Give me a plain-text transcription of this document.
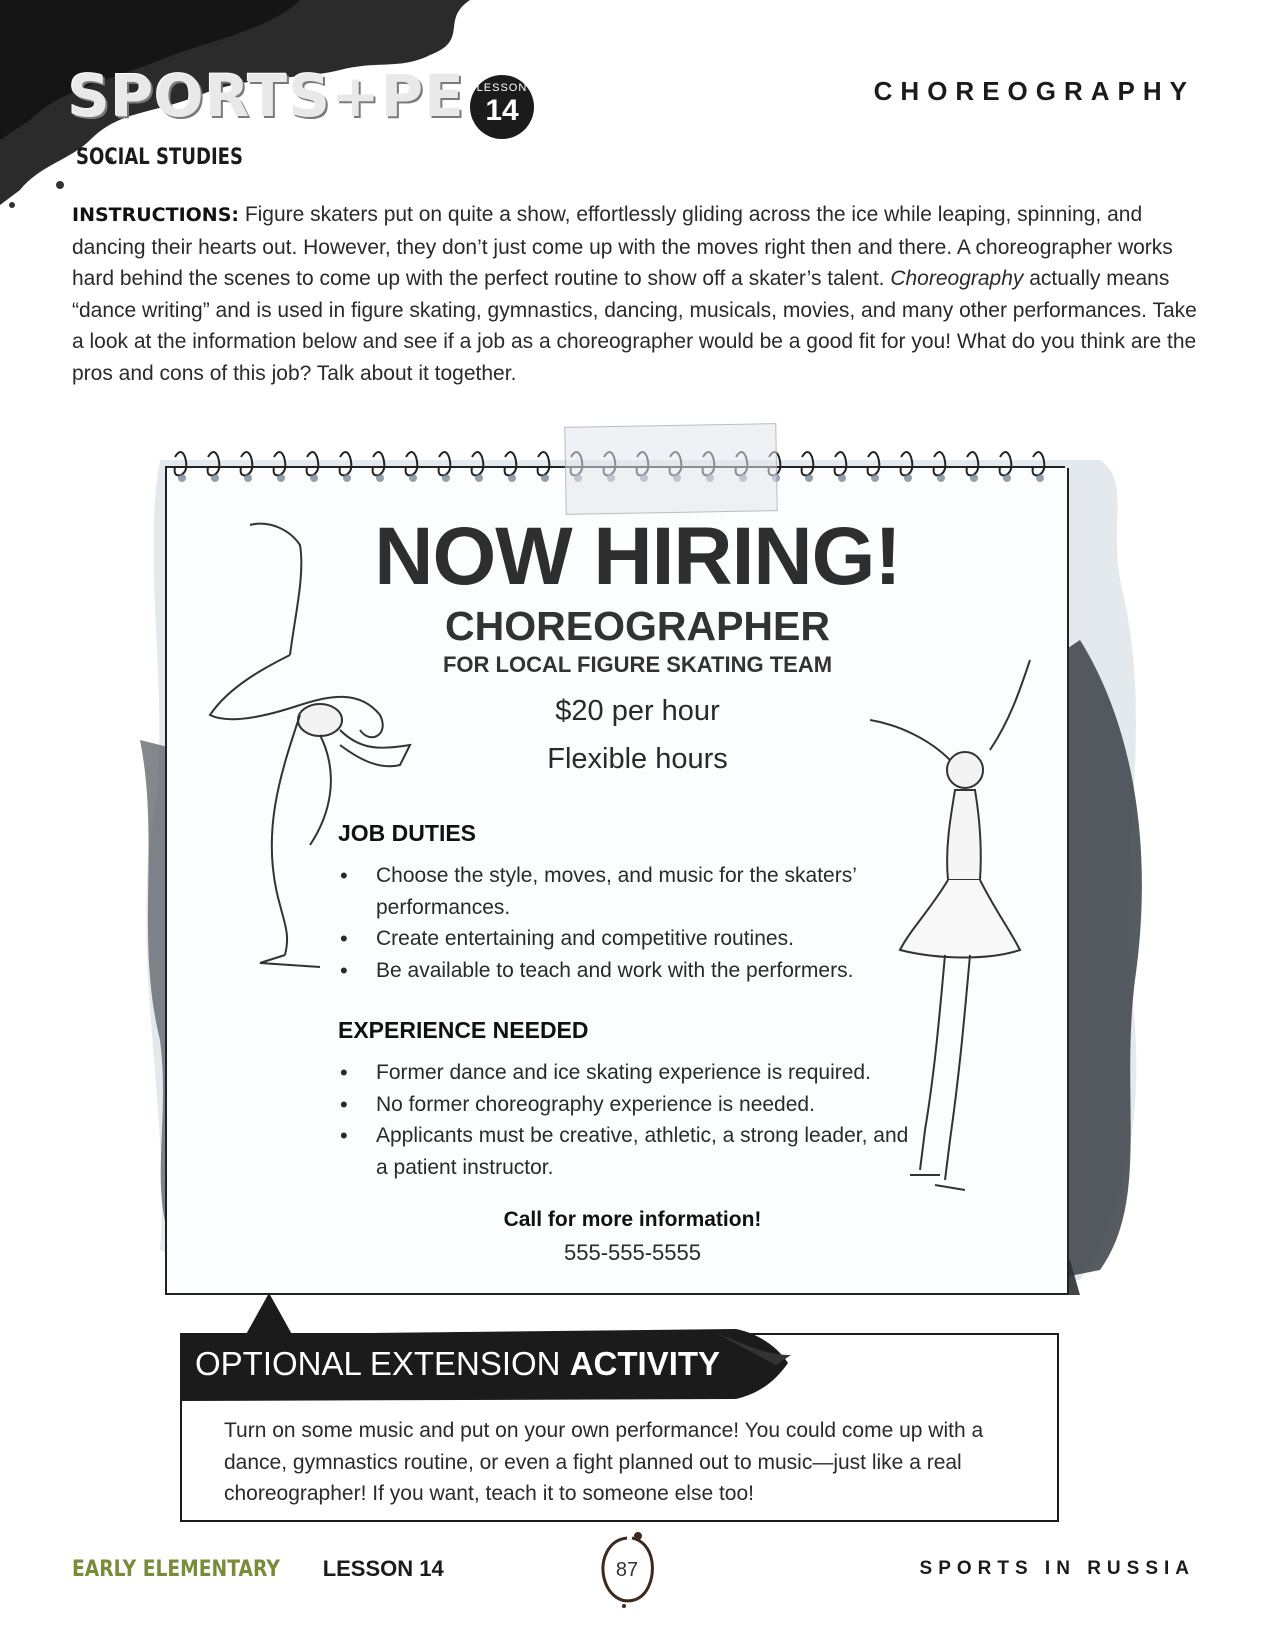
SPORTS+PE	LESSON
14
SOCIAL STUDIES
CHOREOGRAPHY
INSTRUCTIONS: Figure skaters put on quite a show, effortlessly gliding across the ice while leaping, spinning, and dancing their hearts out. However, they don’t just come up with the moves right then and there. A choreographer works hard behind the scenes to come up with the perfect routine to show off a skater’s talent. Choreography actually means “dance writing” and is used in figure skating, gymnastics, dancing, musicals, movies, and many other performances. Take a look at the information below and see if a job as a choreographer would be a good fit for you! What do you think are the pros and cons of this job? Talk about it together.
NOW HIRING!
CHOREOGRAPHER
FOR LOCAL FIGURE SKATING TEAM
$20 per hour
Flexible hours
JOB DUTIES
• Choose the style, moves, and music for the skaters’ performances.
• Create entertaining and competitive routines.
• Be available to teach and work with the performers.
EXPERIENCE NEEDED
• Former dance and ice skating experience is required.
• No former choreography experience is needed.
• Applicants must be creative, athletic, a strong leader, and a patient instructor.
Call for more information!
555-555-5555
OPTIONAL EXTENSION ACTIVITY
Turn on some music and put on your own performance! You could come up with a dance, gymnastics routine, or even a fight planned out to music—just like a real choreographer! If you want, teach it to someone else too!
EARLY ELEMENTARY LESSON 14	87	SPORTS IN RUSSIA
